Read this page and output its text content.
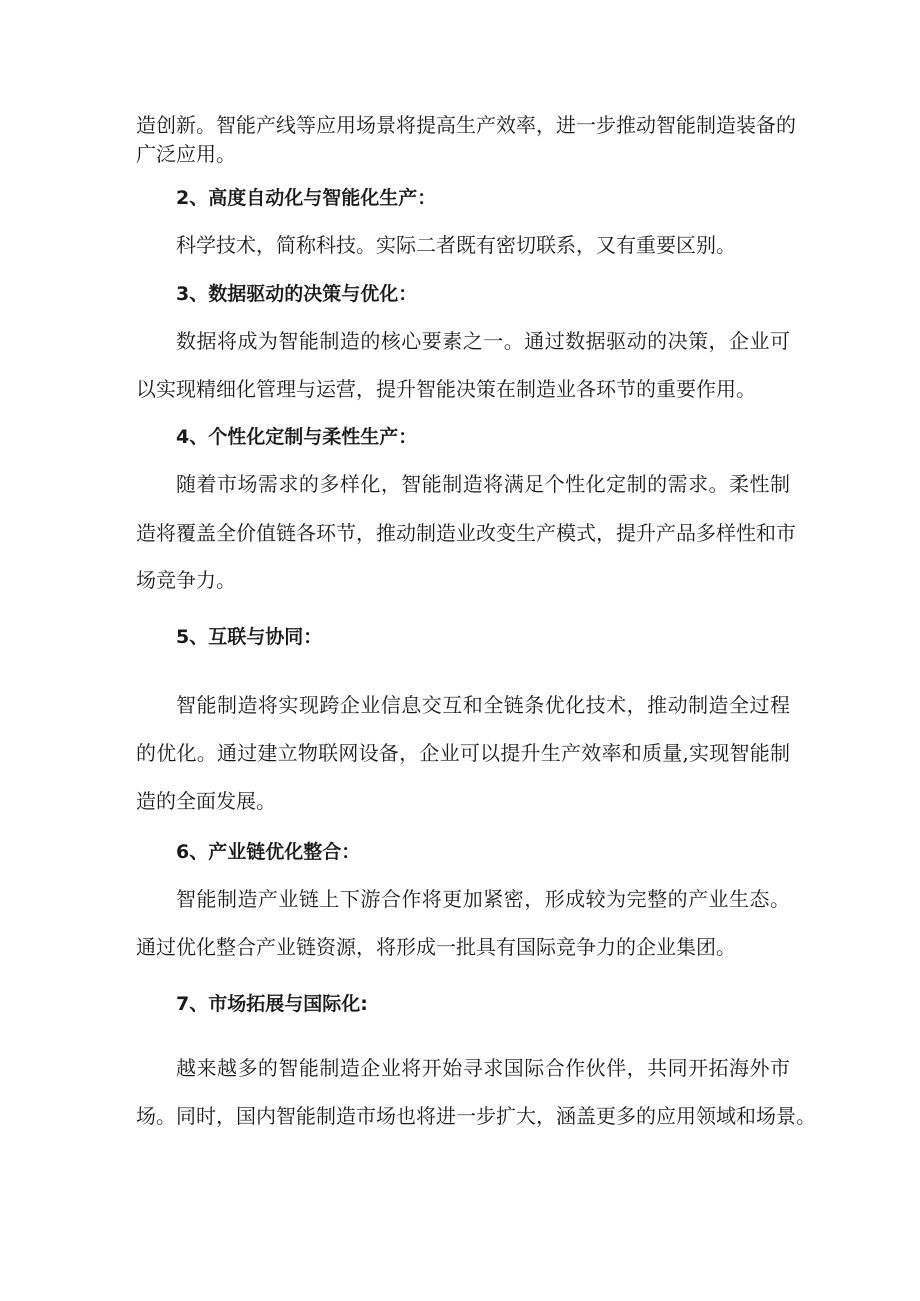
造创新。智能产线等应用场景将提高生产效率，进一步推动智能制造装备的
广泛应用。
2、高度自动化与智能化生产：
科学技术，简称科技。实际二者既有密切联系，又有重要区别。
3、数据驱动的决策与优化：
数据将成为智能制造的核心要素之一。通过数据驱动的决策，企业可
以实现精细化管理与运营，提升智能决策在制造业各环节的重要作用。
4、个性化定制与柔性生产：
随着市场需求的多样化，智能制造将满足个性化定制的需求。柔性制
造将覆盖全价值链各环节，推动制造业改变生产模式，提升产品多样性和市
场竞争力。
5、互联与协同：
智能制造将实现跨企业信息交互和全链条优化技术，推动制造全过程
的优化。通过建立物联网设备，企业可以提升生产效率和质量,实现智能制
造的全面发展。
6、产业链优化整合：
智能制造产业链上下游合作将更加紧密，形成较为完整的产业生态。
通过优化整合产业链资源，将形成一批具有国际竞争力的企业集团。
7、市场拓展与国际化:
越来越多的智能制造企业将开始寻求国际合作伙伴，共同开拓海外市
场。同时，国内智能制造市场也将进一步扩大，涵盖更多的应用领域和场景。
